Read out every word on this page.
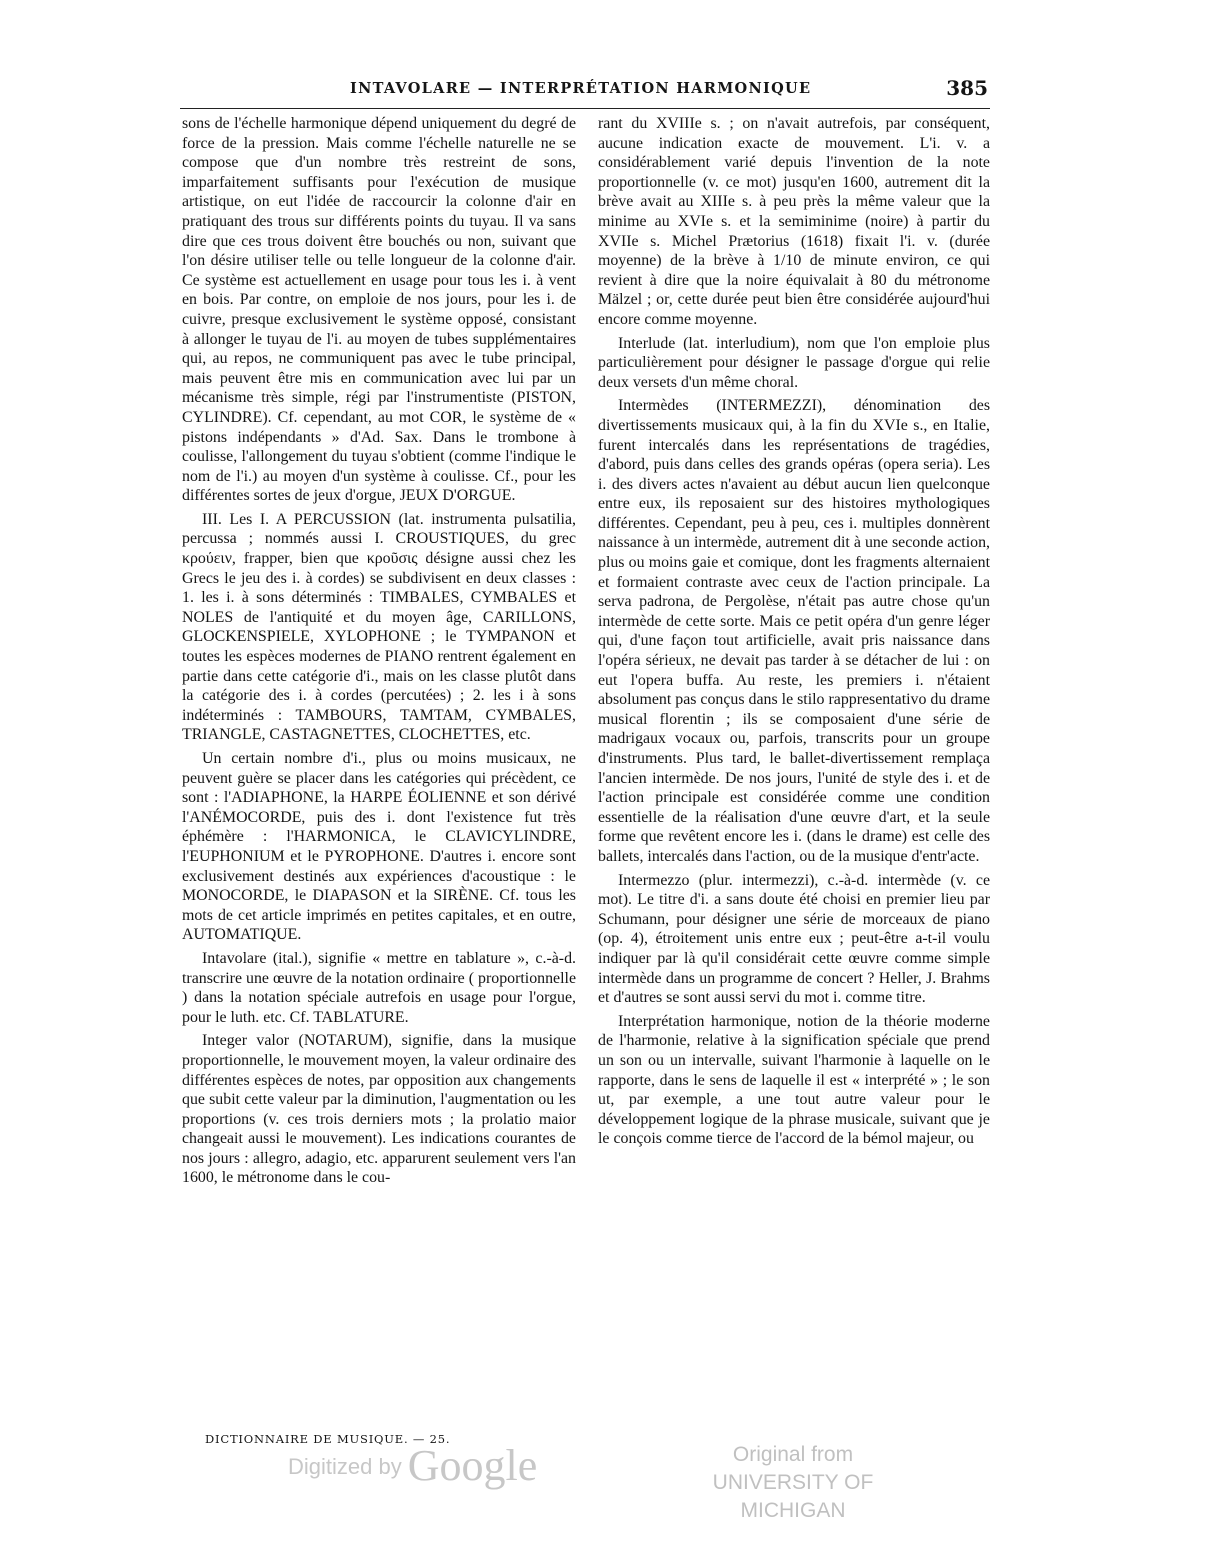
INTAVOLARE — INTERPRÉTATION HARMONIQUE	385

sons de l'échelle harmonique dépend uniquement du degré de force de la pression. Mais comme l'échelle naturelle ne se compose que d'un nombre très restreint de sons, imparfaitement suffisants pour l'exécution de musique artistique, on eut l'idée de raccourcir la colonne d'air en pratiquant des trous sur différents points du tuyau. Il va sans dire que ces trous doivent être bouchés ou non, suivant que l'on désire utiliser telle ou telle longueur de la colonne d'air. Ce système est actuellement en usage pour tous les i. à vent en bois. Par contre, on emploie de nos jours, pour les i. de cuivre, presque exclusivement le système opposé, consistant à allonger le tuyau de l'i. au moyen de tubes supplémentaires qui, au repos, ne communiquent pas avec le tube principal, mais peuvent être mis en communication avec lui par un mécanisme très simple, régi par l'instrumentiste (PISTON, CYLINDRE). Cf. cependant, au mot COR, le système de « pistons indépendants » d'Ad. Sax. Dans le trombone à coulisse, l'allongement du tuyau s'obtient (comme l'indique le nom de l'i.) au moyen d'un système à coulisse. Cf., pour les différentes sortes de jeux d'orgue, JEUX D'ORGUE.

III. Les I. A PERCUSSION (lat. instrumenta pulsatilia, percussa ; nommés aussi I. CROUSTIQUES, du grec κρούειν, frapper, bien que κροῦσις désigne aussi chez les Grecs le jeu des i. à cordes) se subdivisent en deux classes : 1. les i. à sons déterminés : TIMBALES, CYMBALES et NOLES de l'antiquité et du moyen âge, CARILLONS, GLOCKENSPIELE, XYLOPHONE ; le TYMPANON et toutes les espèces modernes de PIANO rentrent également en partie dans cette catégorie d'i., mais on les classe plutôt dans la catégorie des i. à cordes (percutées) ; 2. les i à sons indéterminés : TAMBOURS, TAMTAM, CYMBALES, TRIANGLE, CASTAGNETTES, CLOCHETTES, etc.

Un certain nombre d'i., plus ou moins musicaux, ne peuvent guère se placer dans les catégories qui précèdent, ce sont : l'ADIAPHONE, la HARPE ÉOLIENNE et son dérivé l'ANÉMOCORDE, puis des i. dont l'existence fut très éphémère : l'HARMONICA, le CLAVICYLINDRE, l'EUPHONIUM et le PYROPHONE. D'autres i. encore sont exclusivement destinés aux expériences d'acoustique : le MONOCORDE, le DIAPASON et la SIRÈNE. Cf. tous les mots de cet article imprimés en petites capitales, et en outre, AUTOMATIQUE.

Intavolare (ital.), signifie « mettre en tablature », c.-à-d. transcrire une œuvre de la notation ordinaire ( proportionnelle ) dans la notation spéciale autrefois en usage pour l'orgue, pour le luth. etc. Cf. TABLATURE.

Integer valor (NOTARUM), signifie, dans la musique proportionnelle, le mouvement moyen, la valeur ordinaire des différentes espèces de notes, par opposition aux changements que subit cette valeur par la diminution, l'augmentation ou les proportions (v. ces trois derniers mots ; la prolatio maior changeait aussi le mouvement). Les indications courantes de nos jours : allegro, adagio, etc. apparurent seulement vers l'an 1600, le métronome dans le cou-

rant du XVIIIe s. ; on n'avait autrefois, par conséquent, aucune indication exacte de mouvement. L'i. v. a considérablement varié depuis l'invention de la note proportionnelle (v. ce mot) jusqu'en 1600, autrement dit la brève avait au XIIIe s. à peu près la même valeur que la minime au XVIe s. et la semiminime (noire) à partir du XVIIe s. Michel Prætorius (1618) fixait l'i. v. (durée moyenne) de la brève à 1/10 de minute environ, ce qui revient à dire que la noire équivalait à 80 du métronome Mälzel ; or, cette durée peut bien être considérée aujourd'hui encore comme moyenne.

Interlude (lat. interludium), nom que l'on emploie plus particulièrement pour désigner le passage d'orgue qui relie deux versets d'un même choral.

Intermèdes (INTERMEZZI), dénomination des divertissements musicaux qui, à la fin du XVIe s., en Italie, furent intercalés dans les représentations de tragédies, d'abord, puis dans celles des grands opéras (opera seria). Les i. des divers actes n'avaient au début aucun lien quelconque entre eux, ils reposaient sur des histoires mythologiques différentes. Cependant, peu à peu, ces i. multiples donnèrent naissance à un intermède, autrement dit à une seconde action, plus ou moins gaie et comique, dont les fragments alternaient et formaient contraste avec ceux de l'action principale. La serva padrona, de Pergolèse, n'était pas autre chose qu'un intermède de cette sorte. Mais ce petit opéra d'un genre léger qui, d'une façon tout artificielle, avait pris naissance dans l'opéra sérieux, ne devait pas tarder à se détacher de lui : on eut l'opera buffa. Au reste, les premiers i. n'étaient absolument pas conçus dans le stilo rappresentativo du drame musical florentin ; ils se composaient d'une série de madrigaux vocaux ou, parfois, transcrits pour un groupe d'instruments. Plus tard, le ballet-divertissement remplaça l'ancien intermède. De nos jours, l'unité de style des i. et de l'action principale est considérée comme une condition essentielle de la réalisation d'une œuvre d'art, et la seule forme que revêtent encore les i. (dans le drame) est celle des ballets, intercalés dans l'action, ou de la musique d'entr'acte.

Intermezzo (plur. intermezzi), c.-à-d. intermède (v. ce mot). Le titre d'i. a sans doute été choisi en premier lieu par Schumann, pour désigner une série de morceaux de piano (op. 4), étroitement unis entre eux ; peut-être a-t-il voulu indiquer par là qu'il considérait cette œuvre comme simple intermède dans un programme de concert ? Heller, J. Brahms et d'autres se sont aussi servi du mot i. comme titre.

Interprétation harmonique, notion de la théorie moderne de l'harmonie, relative à la signification spéciale que prend un son ou un intervalle, suivant l'harmonie à laquelle on le rapporte, dans le sens de laquelle il est « interprété » ; le son ut, par exemple, a une tout autre valeur pour le développement logique de la phrase musicale, suivant que je le conçois comme tierce de l'accord de la bémol majeur, ou

DICTIONNAIRE DE MUSIQUE. — 25.
Digitized by Google	Original from
UNIVERSITY OF MICHIGAN
